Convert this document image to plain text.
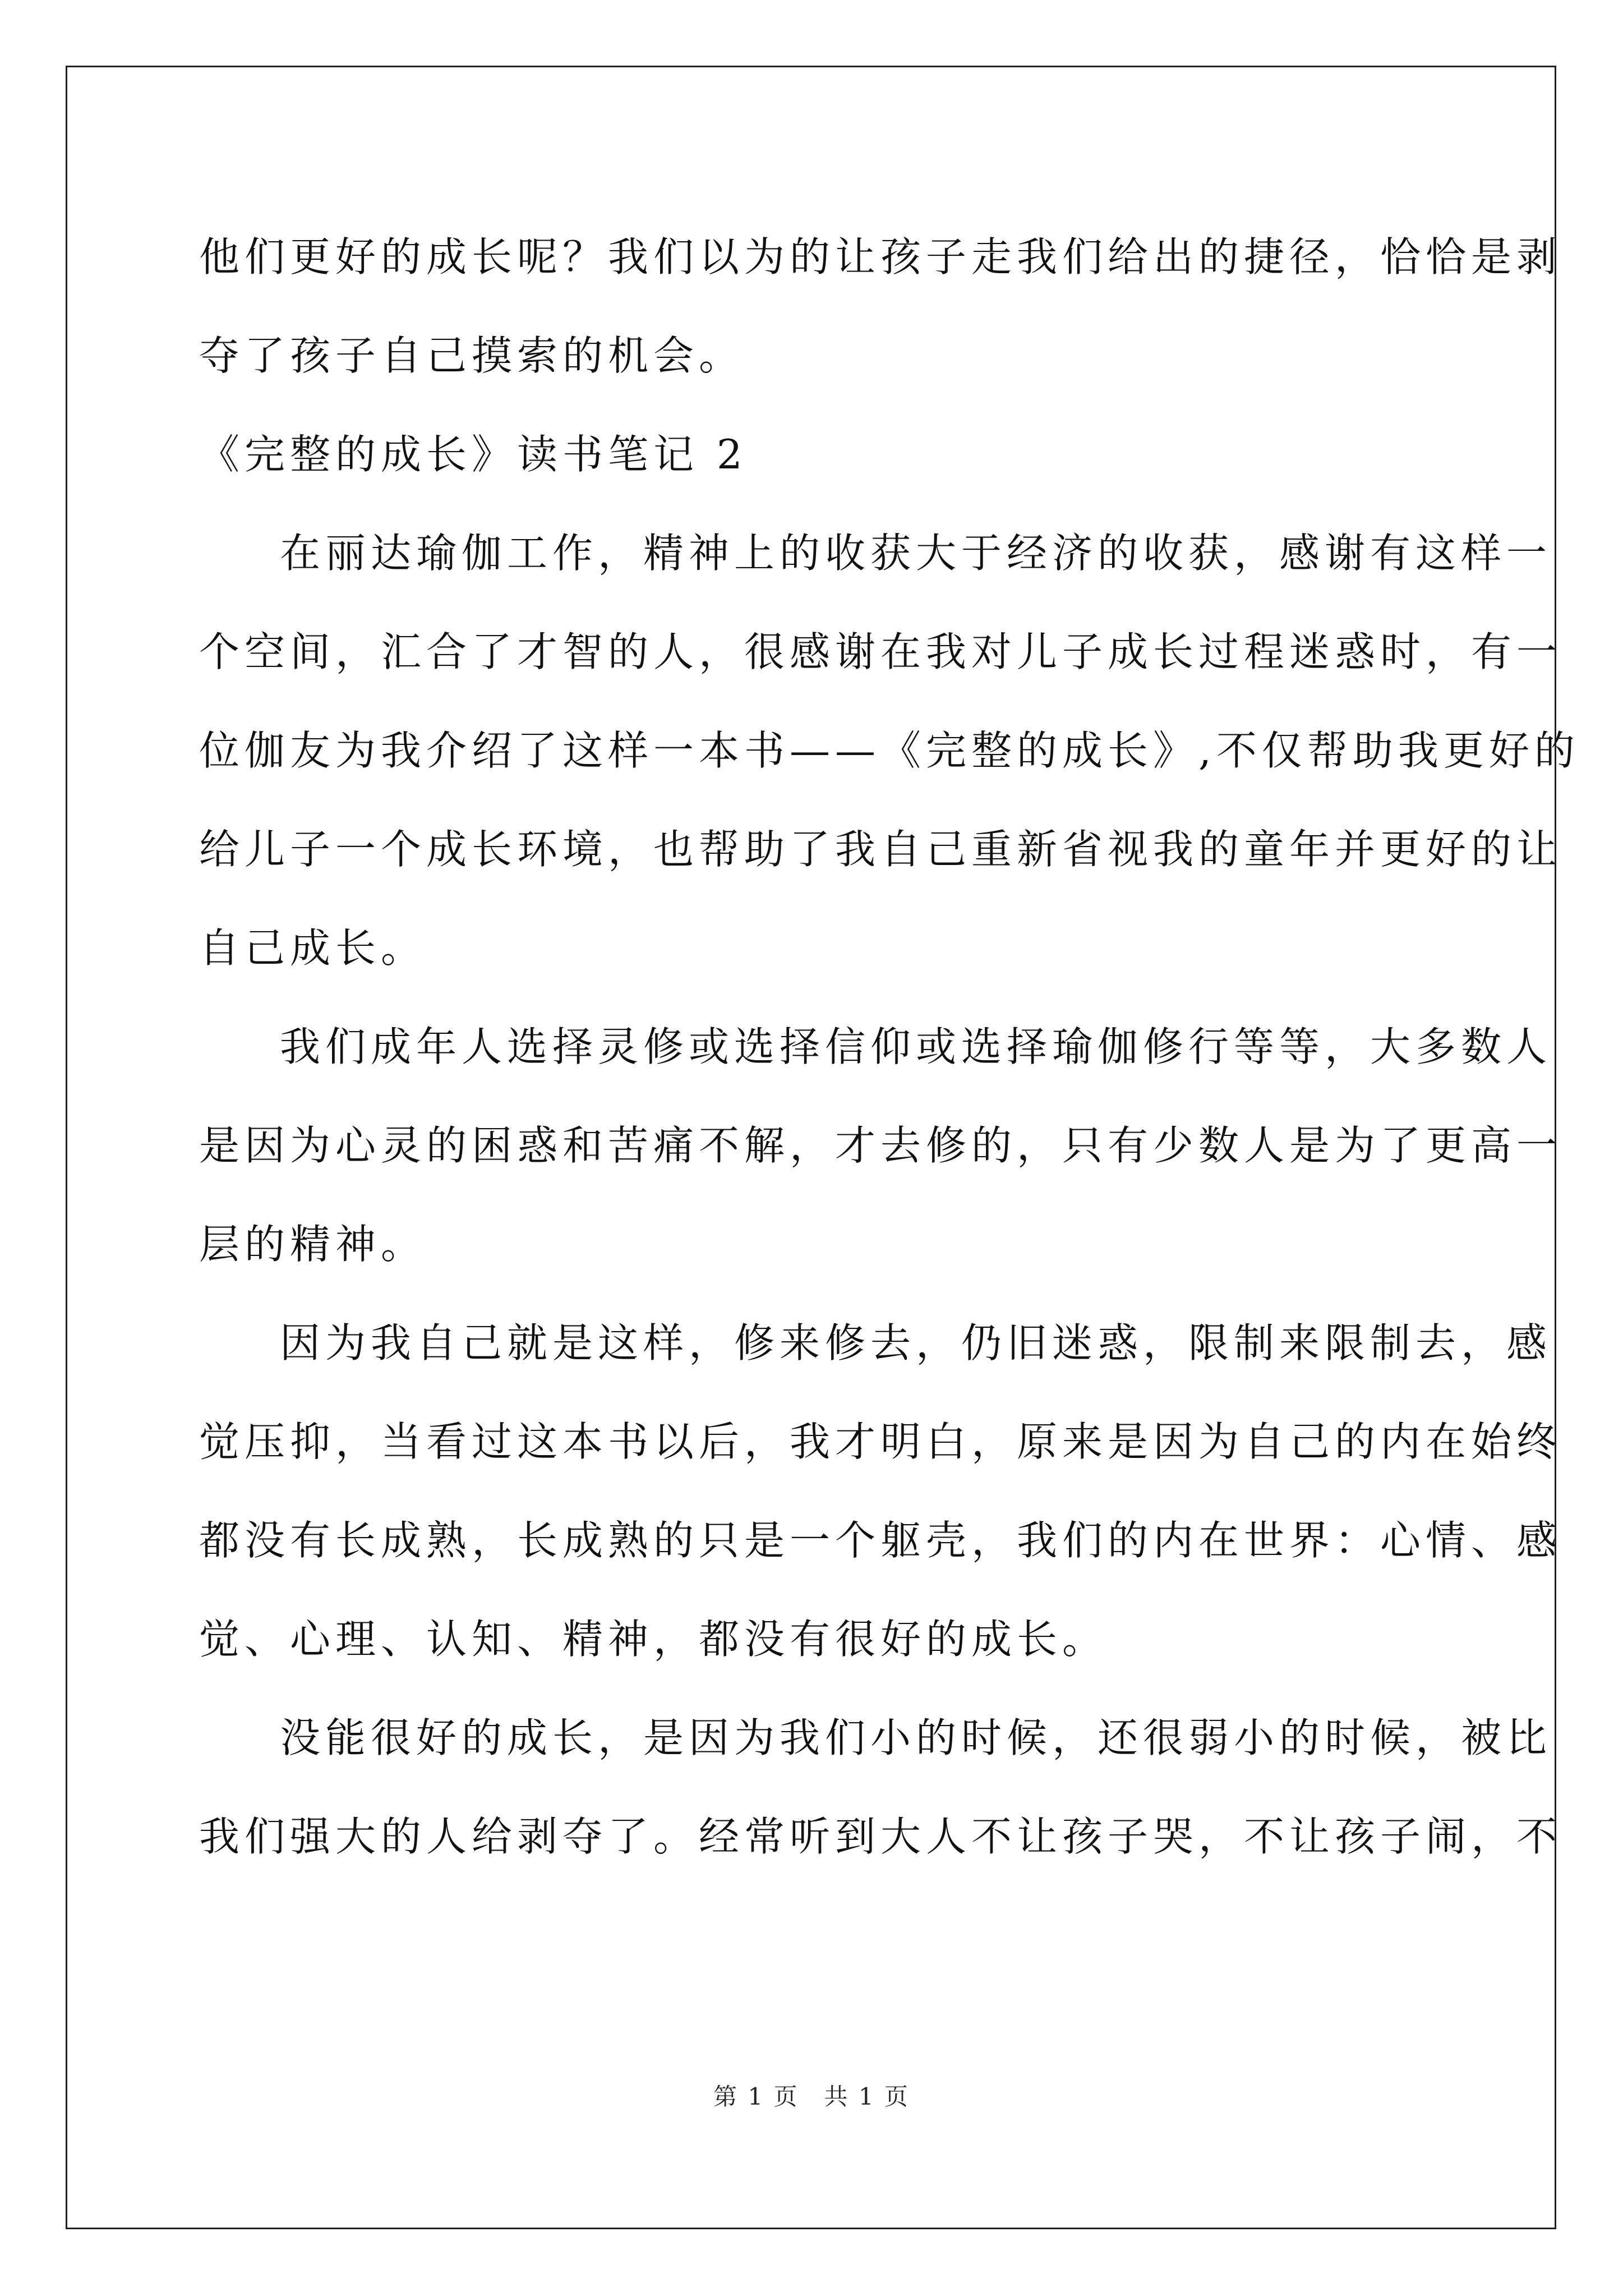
他们更好的成长呢？我们以为的让孩子走我们给出的捷径，恰恰是剥
夺了孩子自己摸索的机会。
《完整的成长》读书笔记 2
在丽达瑜伽工作，精神上的收获大于经济的收获，感谢有这样一
个空间，汇合了才智的人，很感谢在我对儿子成长过程迷惑时，有一
位伽友为我介绍了这样一本书——《完整的成长》,不仅帮助我更好的
给儿子一个成长环境，也帮助了我自己重新省视我的童年并更好的让
自己成长。
我们成年人选择灵修或选择信仰或选择瑜伽修行等等，大多数人
是因为心灵的困惑和苦痛不解，才去修的，只有少数人是为了更高一
层的精神。
因为我自己就是这样，修来修去，仍旧迷惑，限制来限制去，感
觉压抑，当看过这本书以后，我才明白，原来是因为自己的内在始终
都没有长成熟，长成熟的只是一个躯壳，我们的内在世界：心情、感
觉、心理、认知、精神，都没有很好的成长。
没能很好的成长，是因为我们小的时候，还很弱小的时候，被比
我们强大的人给剥夺了。经常听到大人不让孩子哭，不让孩子闹，不
第 1 页　共 1 页
